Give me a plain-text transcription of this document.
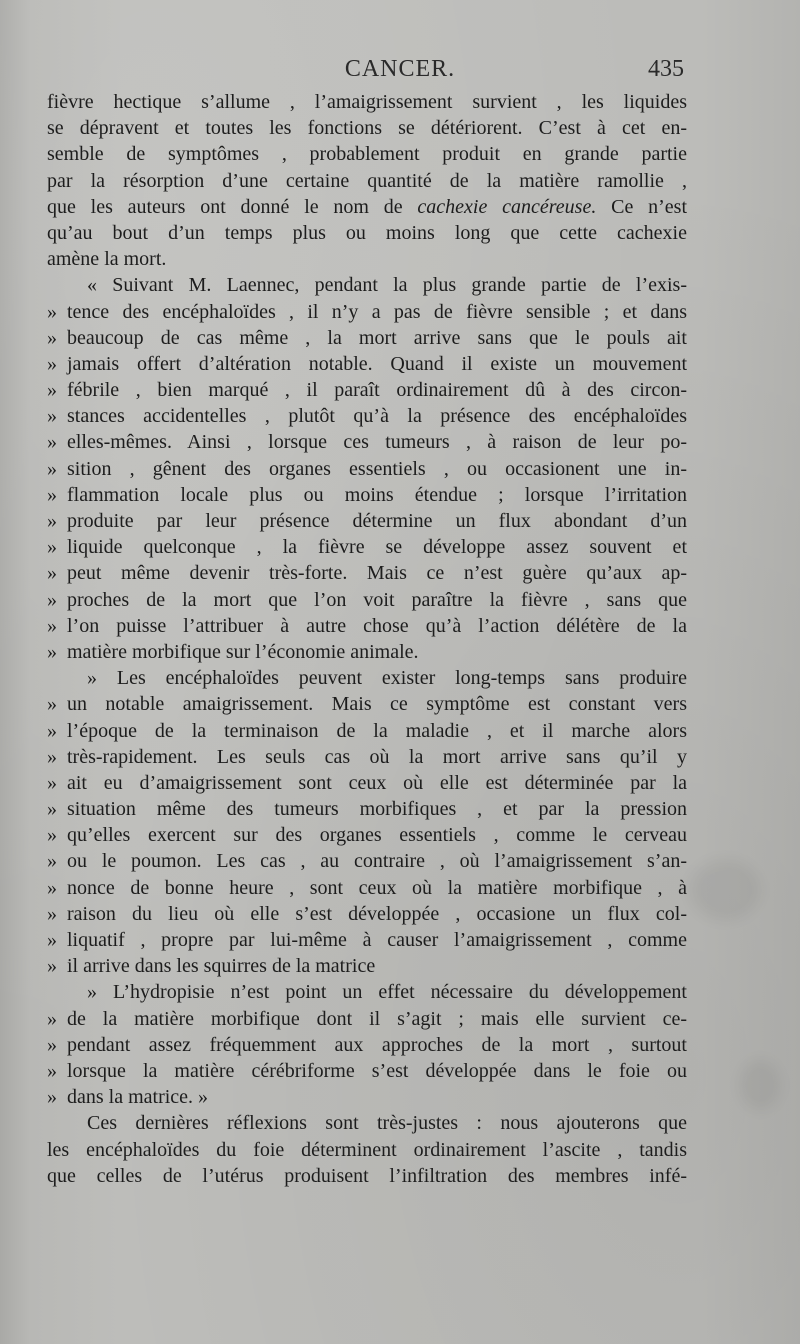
CANCER.	435
fièvre hectique s’allume , l’amaigrissement survient , les liquides
se dépravent et toutes les fonctions se détériorent. C’est à cet en-
semble de symptômes , probablement produit en grande partie
par la résorption d’une certaine quantité de la matière ramollie ,
que les auteurs ont donné le nom de cachexie cancéreuse. Ce n’est
qu’au bout d’un temps plus ou moins long que cette cachexie
amène la mort.
« Suivant M. Laennec, pendant la plus grande partie de l’exis-
» tence des encéphaloïdes , il n’y a pas de fièvre sensible ; et dans
» beaucoup de cas même , la mort arrive sans que le pouls ait
» jamais offert d’altération notable. Quand il existe un mouvement
» fébrile , bien marqué , il paraît ordinairement dû à des circon-
» stances accidentelles , plutôt qu’à la présence des encéphaloïdes
» elles-mêmes. Ainsi , lorsque ces tumeurs , à raison de leur po-
» sition , gênent des organes essentiels , ou occasionent une in-
» flammation locale plus ou moins étendue ; lorsque l’irritation
» produite par leur présence détermine un flux abondant d’un
» liquide quelconque , la fièvre se développe assez souvent et
» peut même devenir très-forte. Mais ce n’est guère qu’aux ap-
» proches de la mort que l’on voit paraître la fièvre , sans que
» l’on puisse l’attribuer à autre chose qu’à l’action délétère de la
» matière morbifique sur l’économie animale.
» Les encéphaloïdes peuvent exister long-temps sans produire
» un notable amaigrissement. Mais ce symptôme est constant vers
» l’époque de la terminaison de la maladie , et il marche alors
» très-rapidement. Les seuls cas où la mort arrive sans qu’il y
» ait eu d’amaigrissement sont ceux où elle est déterminée par la
» situation même des tumeurs morbifiques , et par la pression
» qu’elles exercent sur des organes essentiels , comme le cerveau
» ou le poumon. Les cas , au contraire , où l’amaigrissement s’an-
» nonce de bonne heure , sont ceux où la matière morbifique , à
» raison du lieu où elle s’est développée , occasione un flux col-
» liquatif , propre par lui-même à causer l’amaigrissement , comme
» il arrive dans les squirres de la matrice
» L’hydropisie n’est point un effet nécessaire du développement
» de la matière morbifique dont il s’agit ; mais elle survient ce-
» pendant assez fréquemment aux approches de la mort , surtout
» lorsque la matière cérébriforme s’est développée dans le foie ou
» dans la matrice. »
Ces dernières réflexions sont très-justes : nous ajouterons que
les encéphaloïdes du foie déterminent ordinairement l’ascite , tandis
que celles de l’utérus produisent l’infiltration des membres infé-
